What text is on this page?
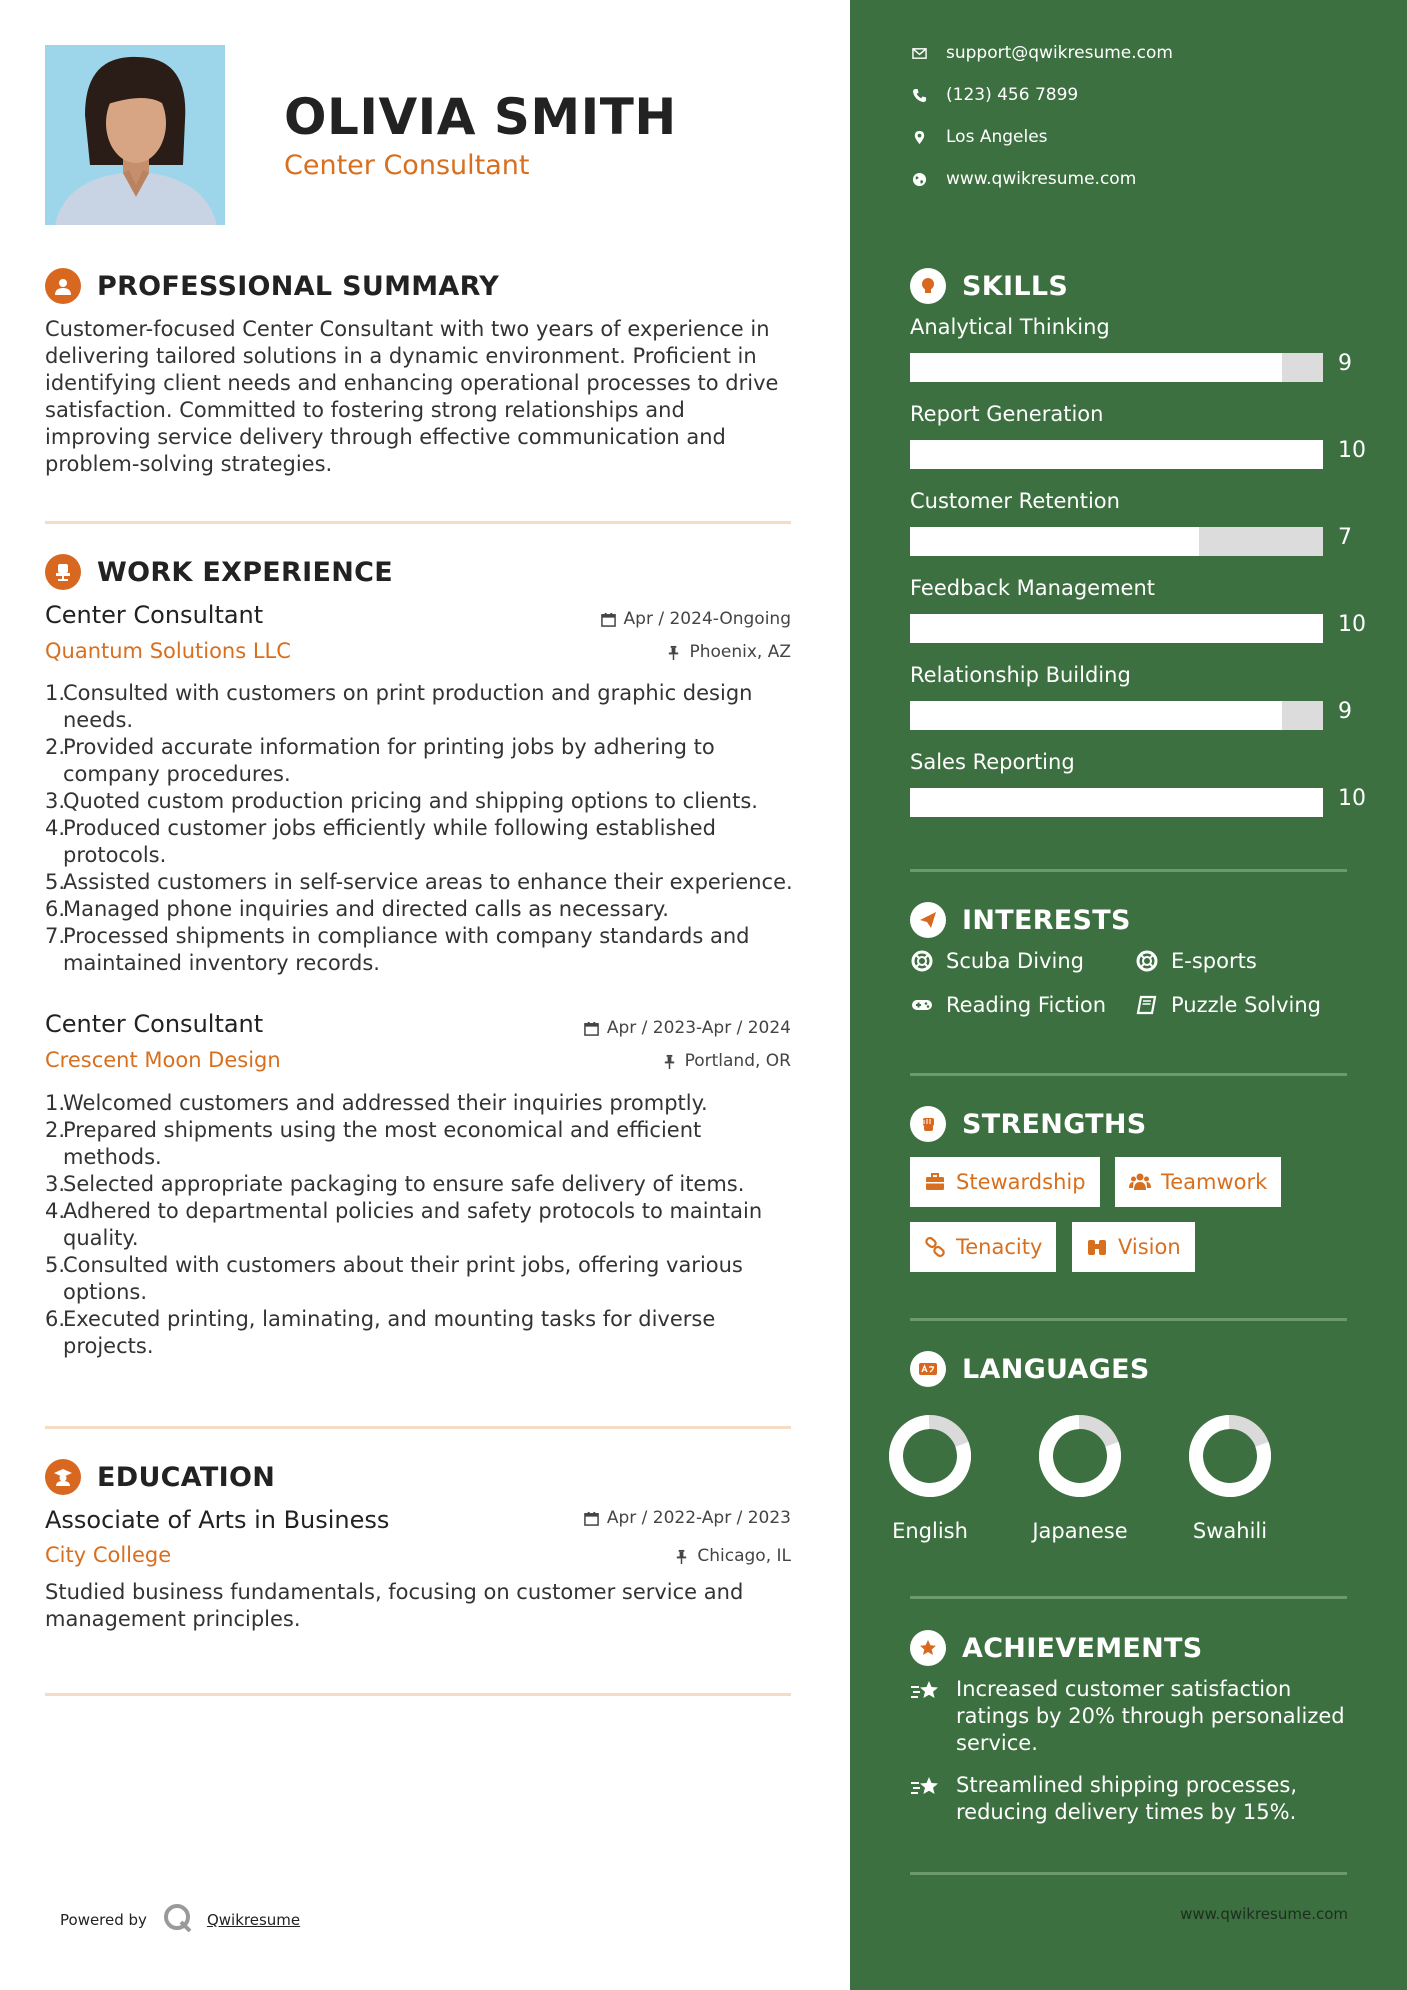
OLIVIA SMITH
Center Consultant
PROFESSIONAL SUMMARY
Customer-focused Center Consultant with two years of experience in delivering tailored solutions in a dynamic environment. Proficient in identifying client needs and enhancing operational processes to drive satisfaction. Committed to fostering strong relationships and improving service delivery through effective communication and problem-solving strategies.
WORK EXPERIENCE
Center Consultant	Apr / 2024-Ongoing
Quantum Solutions LLC	Phoenix, AZ
1.
Consulted with customers on print production and graphic design needs.
2.
Provided accurate information for printing jobs by adhering to company procedures.
3.
Quoted custom production pricing and shipping options to clients.
4.
Produced customer jobs efficiently while following established protocols.
5.
Assisted customers in self-service areas to enhance their experience.
6.
Managed phone inquiries and directed calls as necessary.
7.
Processed shipments in compliance with company standards and maintained inventory records.
Center Consultant	Apr / 2023-Apr / 2024
Crescent Moon Design	Portland, OR
1.
Welcomed customers and addressed their inquiries promptly.
2.
Prepared shipments using the most economical and efficient methods.
3.
Selected appropriate packaging to ensure safe delivery of items.
4.
Adhered to departmental policies and safety protocols to maintain quality.
5.
Consulted with customers about their print jobs, offering various options.
6.
Executed printing, laminating, and mounting tasks for diverse projects.
EDUCATION
Associate of Arts in Business	Apr / 2022-Apr / 2023
City College	Chicago, IL
Studied business fundamentals, focusing on customer service and management principles.
Powered by	Qwikresume
support@qwikresume.com
(123) 456 7899
Los Angeles
www.qwikresume.com
SKILLS
Analytical Thinking
9
Report Generation
10
Customer Retention
7
Feedback Management
10
Relationship Building
9
Sales Reporting
10
INTERESTS
Scuba Diving	E-sports
Reading Fiction	Puzzle Solving
STRENGTHS
Stewardship	Teamwork
Tenacity	Vision
LANGUAGES
English	Japanese	Swahili
ACHIEVEMENTS
Increased customer satisfaction ratings by 20% through personalized service.
Streamlined shipping processes, reducing delivery times by 15%.
www.qwikresume.com
